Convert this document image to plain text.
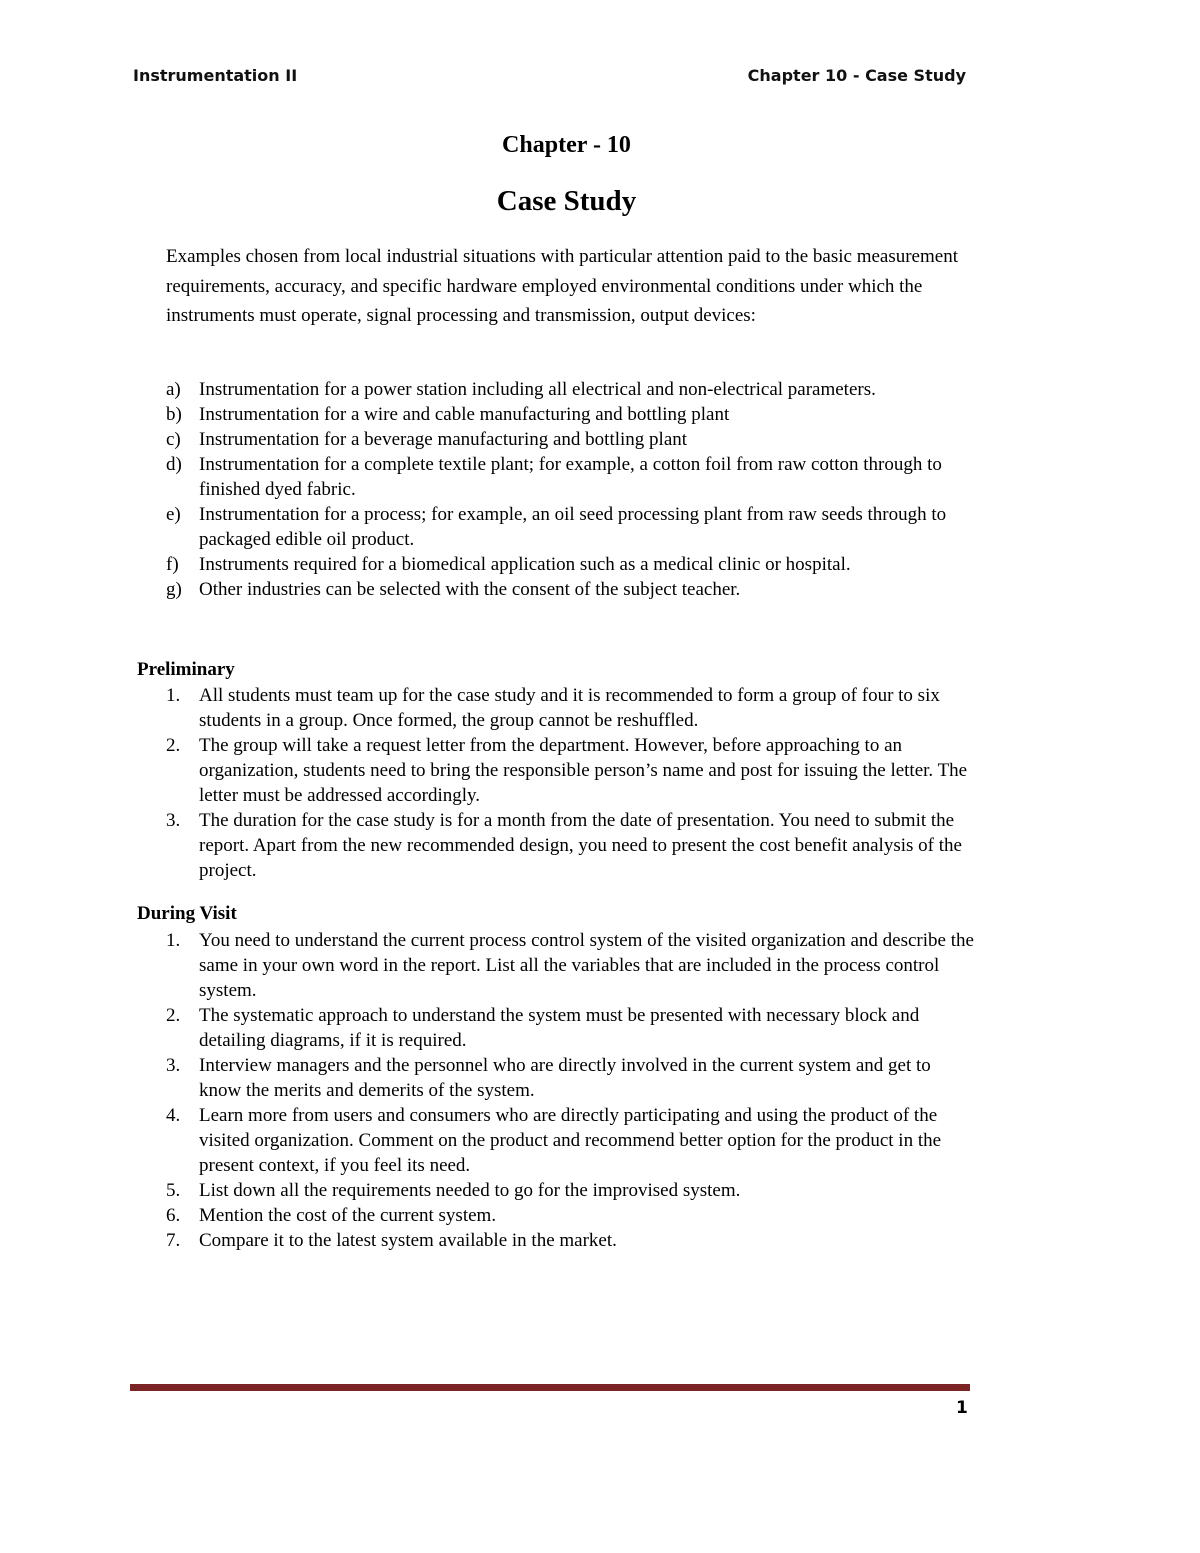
Instrumentation II	Chapter 10 - Case Study
Chapter - 10
Case Study

Examples chosen from local industrial situations with particular attention paid to the basic measurement requirements, accuracy, and specific hardware employed environmental conditions under which the instruments must operate, signal processing and transmission, output devices:

a) Instrumentation for a power station including all electrical and non-electrical parameters.
b) Instrumentation for a wire and cable manufacturing and bottling plant
c) Instrumentation for a beverage manufacturing and bottling plant
d) Instrumentation for a complete textile plant; for example, a cotton foil from raw cotton through to finished dyed fabric.
e) Instrumentation for a process; for example, an oil seed processing plant from raw seeds through to packaged edible oil product.
f) Instruments required for a biomedical application such as a medical clinic or hospital.
g) Other industries can be selected with the consent of the subject teacher.
Preliminary
1. All students must team up for the case study and it is recommended to form a group of four to six students in a group. Once formed, the group cannot be reshuffled.
2. The group will take a request letter from the department. However, before approaching to an organization, students need to bring the responsible person’s name and post for issuing the letter. The letter must be addressed accordingly.
3. The duration for the case study is for a month from the date of presentation. You need to submit the report. Apart from the new recommended design, you need to present the cost benefit analysis of the project.
During Visit
1. You need to understand the current process control system of the visited organization and describe the same in your own word in the report. List all the variables that are included in the process control system.
2. The systematic approach to understand the system must be presented with necessary block and detailing diagrams, if it is required.
3. Interview managers and the personnel who are directly involved in the current system and get to know the merits and demerits of the system.
4. Learn more from users and consumers who are directly participating and using the product of the visited organization. Comment on the product and recommend better option for the product in the present context, if you feel its need.
5. List down all the requirements needed to go for the improvised system.
6. Mention the cost of the current system.
7. Compare it to the latest system available in the market.
1
